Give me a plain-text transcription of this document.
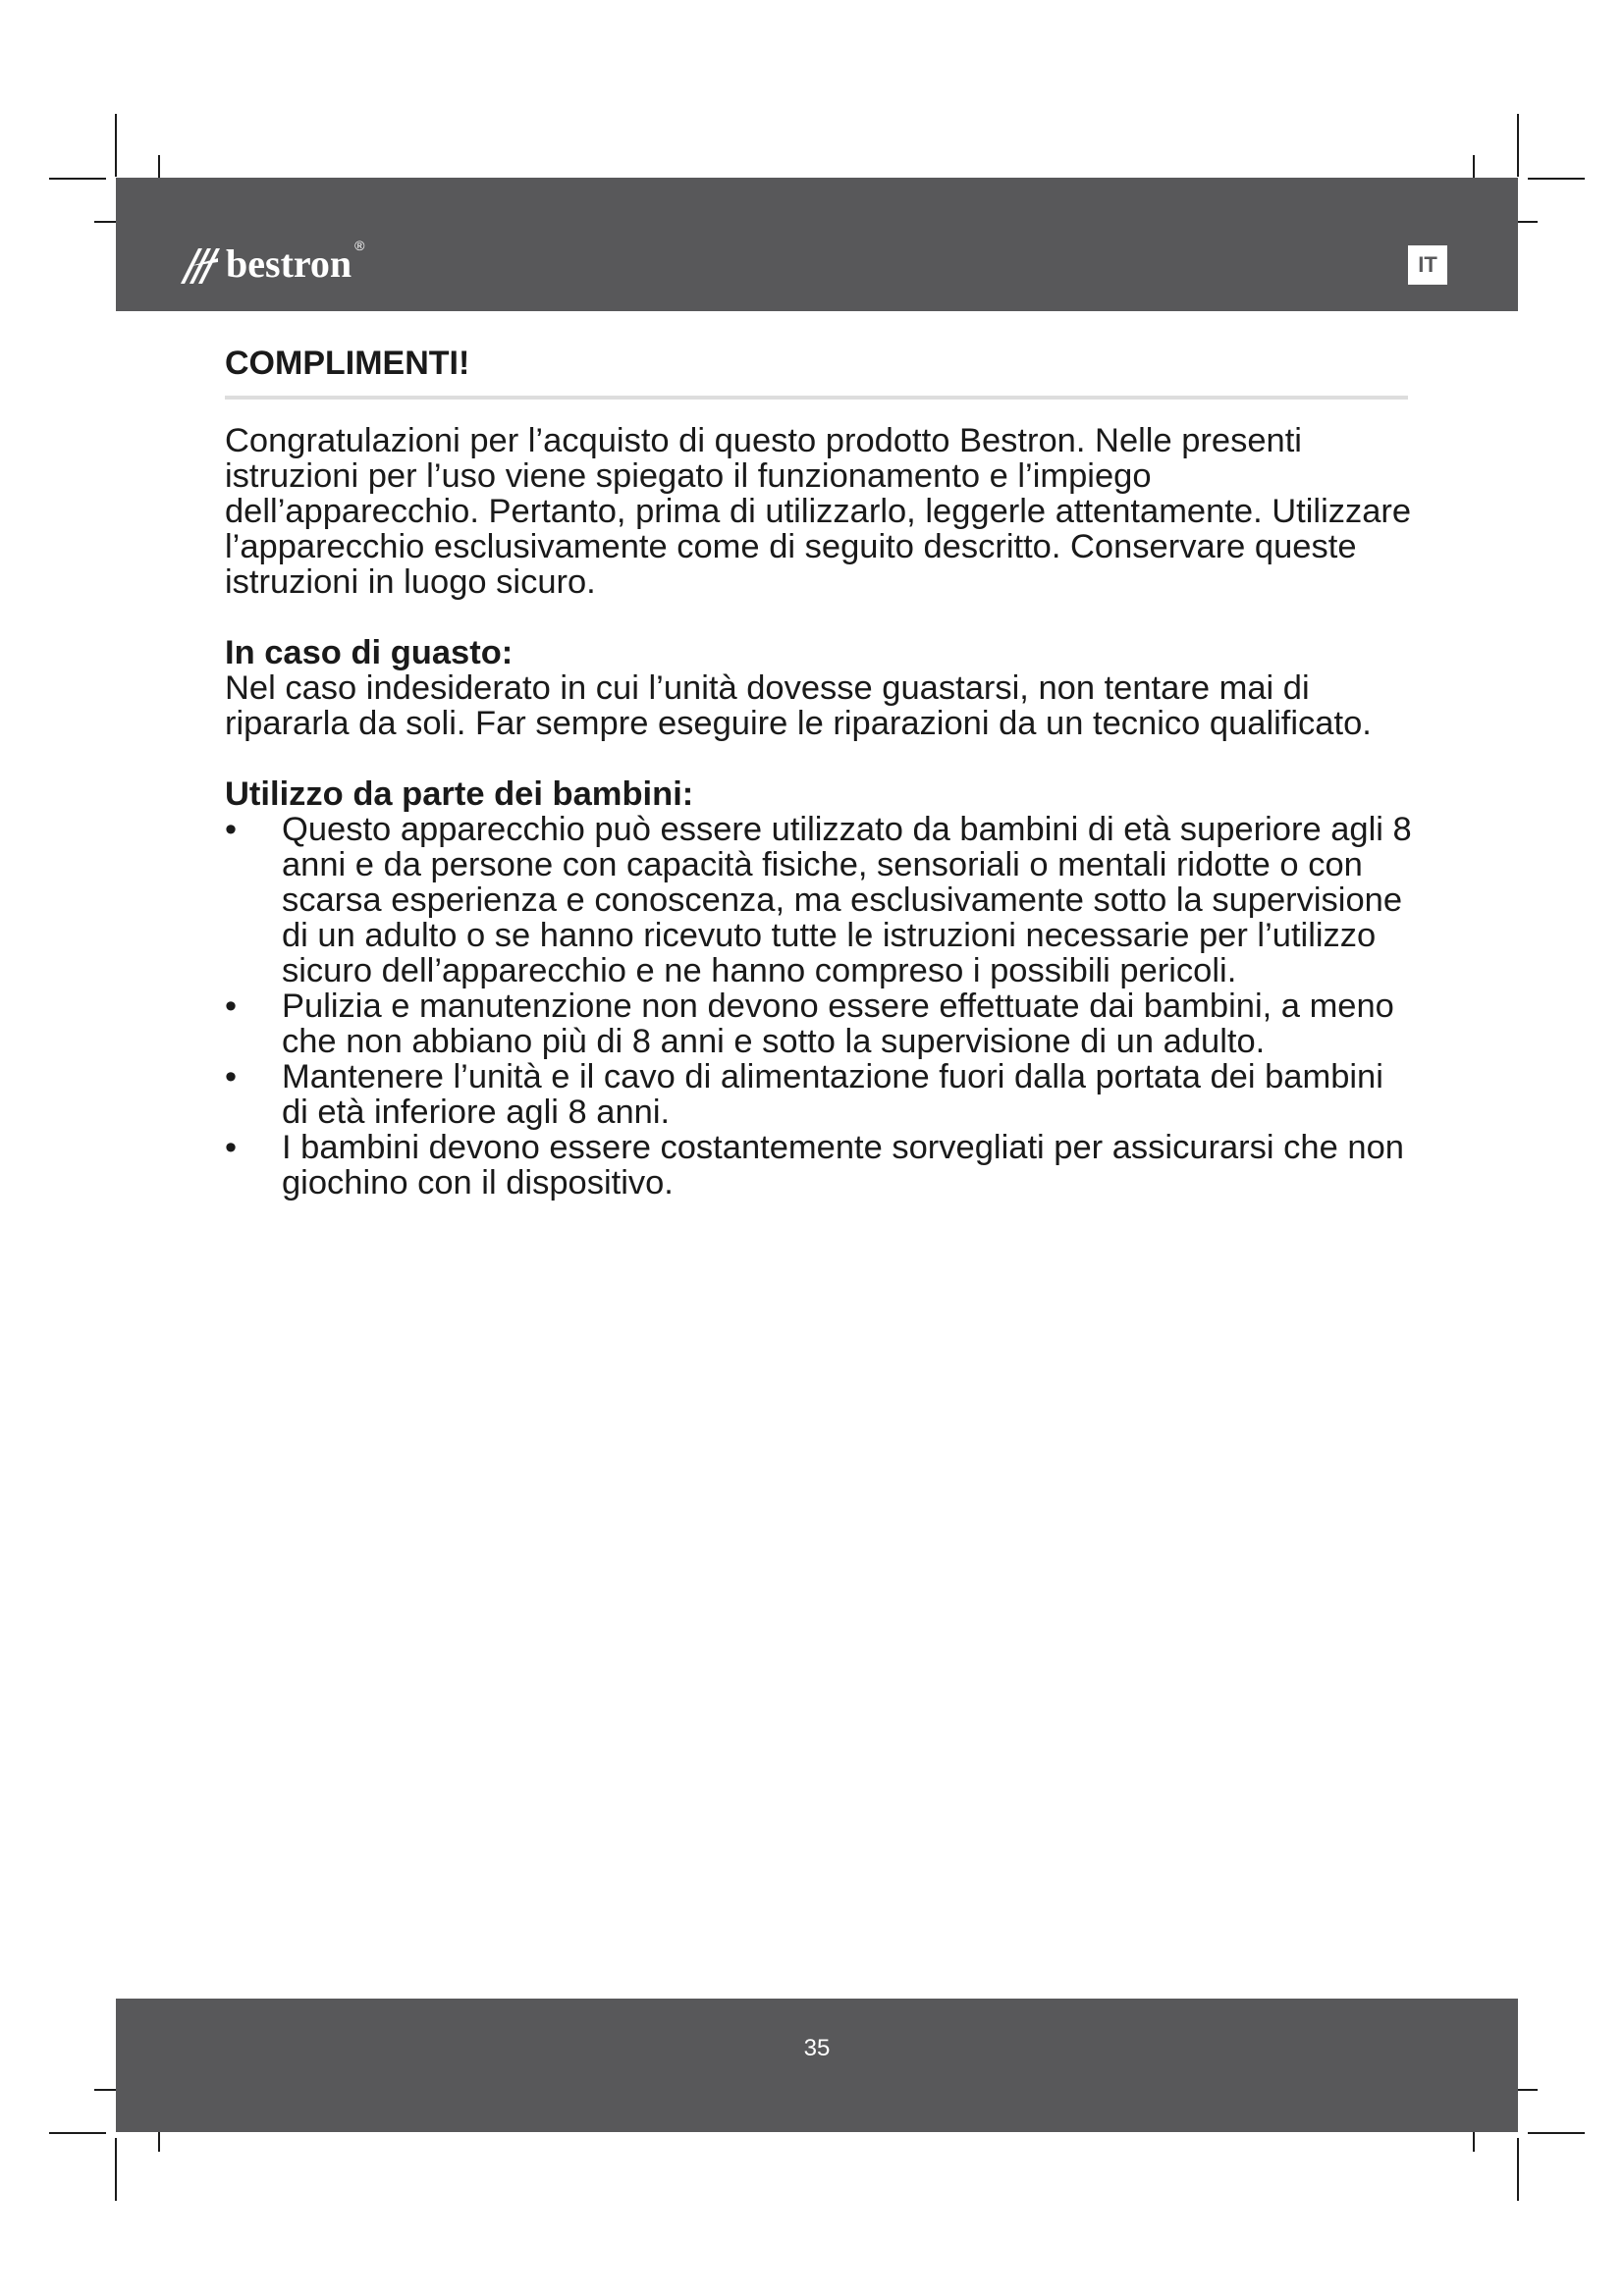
bestron ®
IT
COMPLIMENTI!

Congratulazioni per l’acquisto di questo prodotto Bestron. Nelle presenti istruzioni per l’uso viene spiegato il funzionamento e l’impiego dell’apparecchio. Pertanto, prima di utilizzarlo, leggerle attentamente. Utilizzare l’apparecchio esclusivamente come di seguito descritto. Conservare queste istruzioni in luogo sicuro.

In caso di guasto:
Nel caso indesiderato in cui l’unità dovesse guastarsi, non tentare mai di ripararla da soli. Far sempre eseguire le riparazioni da un tecnico qualificato.
Utilizzo da parte dei bambini:
• Questo apparecchio può essere utilizzato da bambini di età superiore agli 8 anni e da persone con capacità fisiche, sensoriali o mentali ridotte o con scarsa esperienza e conoscenza, ma esclusivamente sotto la supervisione di un adulto o se hanno ricevuto tutte le istruzioni necessarie per l’utilizzo sicuro dell’apparecchio e ne hanno compreso i possibili pericoli.
• Pulizia e manutenzione non devono essere effettuate dai bambini, a meno che non abbiano più di 8 anni e sotto la supervisione di un adulto.
• Mantenere l’unità e il cavo di alimentazione fuori dalla portata dei bambini di età inferiore agli 8 anni.
• I bambini devono essere costantemente sorvegliati per assicurarsi che non giochino con il dispositivo.
35
